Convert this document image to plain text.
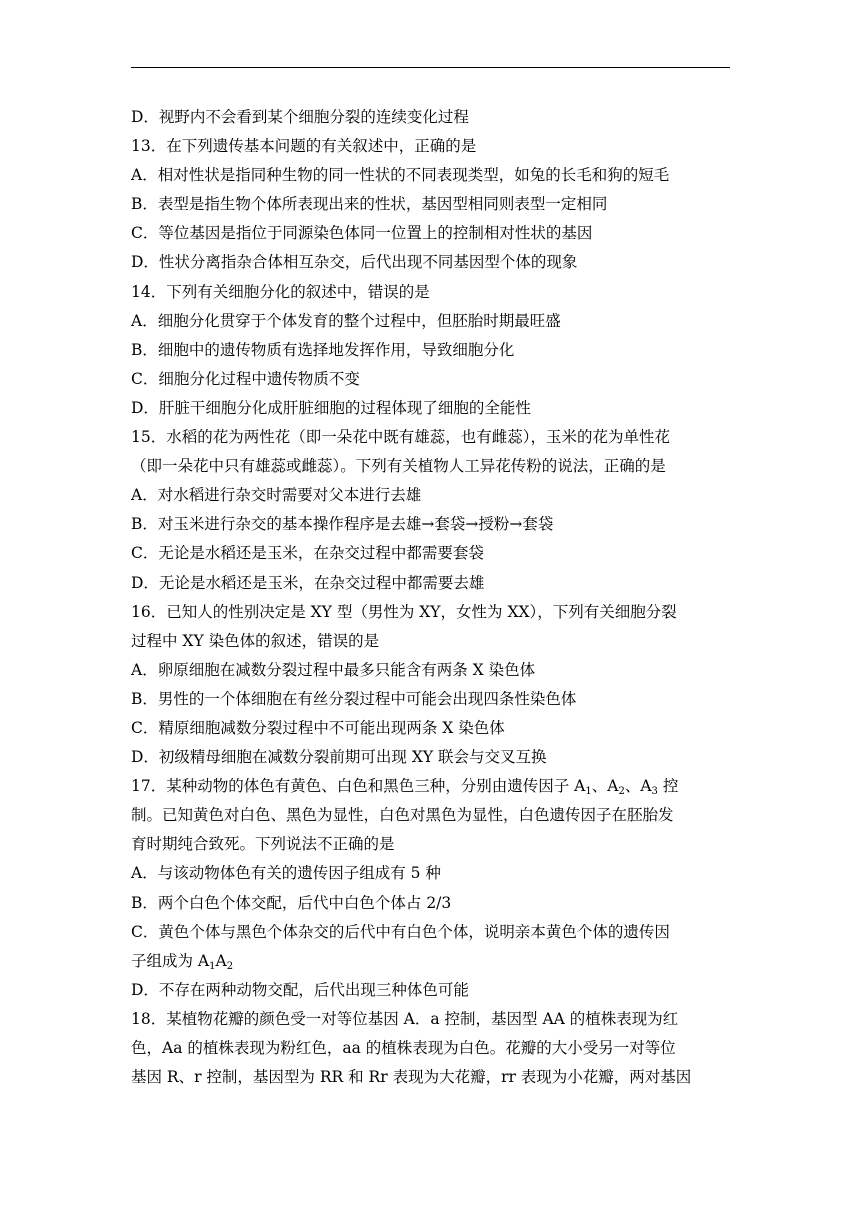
D．视野内不会看到某个细胞分裂的连续变化过程
13．在下列遗传基本问题的有关叙述中，正确的是
A．相对性状是指同种生物的同一性状的不同表现类型，如兔的长毛和狗的短毛
B．表型是指生物个体所表现出来的性状，基因型相同则表型一定相同
C．等位基因是指位于同源染色体同一位置上的控制相对性状的基因
D．性状分离指杂合体相互杂交，后代出现不同基因型个体的现象
14．下列有关细胞分化的叙述中，错误的是
A．细胞分化贯穿于个体发育的整个过程中，但胚胎时期最旺盛
B．细胞中的遗传物质有选择地发挥作用，导致细胞分化
C．细胞分化过程中遗传物质不变
D．肝脏干细胞分化成肝脏细胞的过程体现了细胞的全能性
15．水稻的花为两性花（即一朵花中既有雄蕊，也有雌蕊），玉米的花为单性花
（即一朵花中只有雄蕊或雌蕊）。下列有关植物人工异花传粉的说法，正确的是
A．对水稻进行杂交时需要对父本进行去雄
B．对玉米进行杂交的基本操作程序是去雄→套袋→授粉→套袋
C．无论是水稻还是玉米，在杂交过程中都需要套袋
D．无论是水稻还是玉米，在杂交过程中都需要去雄
16．已知人的性别决定是 XY 型（男性为 XY，女性为 XX），下列有关细胞分裂
过程中 XY 染色体的叙述，错误的是
A．卵原细胞在减数分裂过程中最多只能含有两条 X 染色体
B．男性的一个体细胞在有丝分裂过程中可能会出现四条性染色体
C．精原细胞减数分裂过程中不可能出现两条 X 染色体
D．初级精母细胞在减数分裂前期可出现 XY 联会与交叉互换
17．某种动物的体色有黄色、白色和黑色三种，分别由遗传因子 $A_1$、$A_2$、$A_3$ 控
制。已知黄色对白色、黑色为显性，白色对黑色为显性，白色遗传因子在胚胎发
育时期纯合致死。下列说法不正确的是
A．与该动物体色有关的遗传因子组成有 5 种
B．两个白色个体交配，后代中白色个体占 2/3
C．黄色个体与黑色个体杂交的后代中有白色个体，说明亲本黄色个体的遗传因
子组成为 $A_1A_2$
D．不存在两种动物交配，后代出现三种体色可能
18．某植物花瓣的颜色受一对等位基因 A．a 控制，基因型 AA 的植株表现为红
色，Aa 的植株表现为粉红色，aa 的植株表现为白色。花瓣的大小受另一对等位
基因 R、r 控制，基因型为 RR 和 Rr 表现为大花瓣，rr 表现为小花瓣，两对基因
